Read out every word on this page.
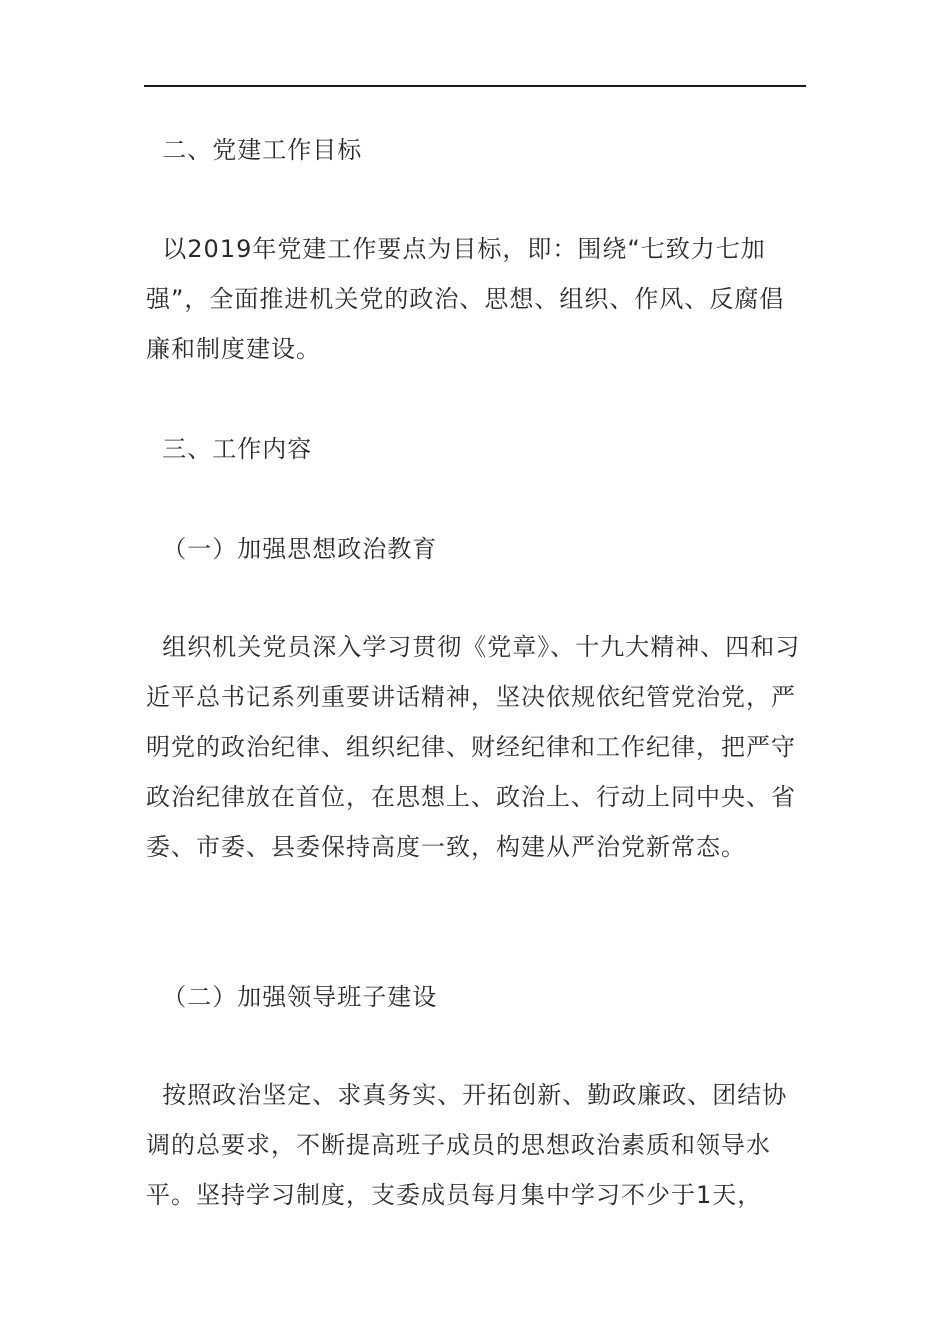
 二、党建工作目标
 以2019年党建工作要点为目标，即：围绕“七致力七加强”，全面推进机关党的政治、思想、组织、作风、反腐倡廉和制度建设。
 三、工作内容
 （一）加强思想政治教育
 组织机关党员深入学习贯彻《党章》、十九大精神、四和习近平总书记系列重要讲话精神，坚决依规依纪管党治党，严明党的政治纪律、组织纪律、财经纪律和工作纪律，把严守政治纪律放在首位，在思想上、政治上、行动上同中央、省委、市委、县委保持高度一致，构建从严治党新常态。
 （二）加强领导班子建设
 按照政治坚定、求真务实、开拓创新、勤政廉政、团结协调的总要求，不断提高班子成员的思想政治素质和领导水平。坚持学习制度，支委成员每月集中学习不少于1天，
